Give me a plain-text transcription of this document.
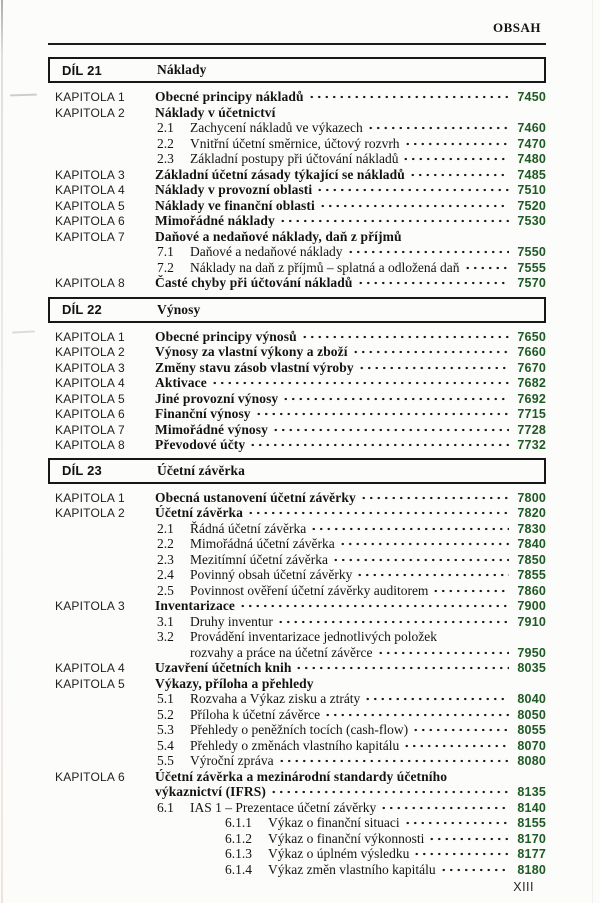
OBSAH
DÍL 21	Náklady
KAPITOLA 1	Obecné principy nákladů	7450
KAPITOLA 2	Náklady v účetnictví
2.1	Zachycení nákladů ve výkazech	7460
2.2	Vnitřní účetní směrnice, účtový rozvrh	7470
2.3	Základní postupy při účtování nákladů	7480
KAPITOLA 3	Základní účetní zásady týkající se nákladů	7485
KAPITOLA 4	Náklady v provozní oblasti	7510
KAPITOLA 5	Náklady ve finanční oblasti	7520
KAPITOLA 6	Mimořádné náklady	7530
KAPITOLA 7	Daňové a nedaňové náklady, daň z příjmů
7.1	Daňové a nedaňové náklady	7550
7.2	Náklady na daň z příjmů – splatná a odložená daň	7555
KAPITOLA 8	Časté chyby při účtování nákladů	7570
DÍL 22	Výnosy
KAPITOLA 1	Obecné principy výnosů	7650
KAPITOLA 2	Výnosy za vlastní výkony a zboží	7660
KAPITOLA 3	Změny stavu zásob vlastní výroby	7670
KAPITOLA 4	Aktivace	7682
KAPITOLA 5	Jiné provozní výnosy	7692
KAPITOLA 6	Finanční výnosy	7715
KAPITOLA 7	Mimořádné výnosy	7728
KAPITOLA 8	Převodové účty	7732
DÍL 23	Účetní závěrka
KAPITOLA 1	Obecná ustanovení účetní závěrky	7800
KAPITOLA 2	Účetní závěrka	7820
2.1	Řádná účetní závěrka	7830
2.2	Mimořádná účetní závěrka	7840
2.3	Mezitímní účetní závěrka	7850
2.4	Povinný obsah účetní závěrky	7855
2.5	Povinnost ověření účetní závěrky auditorem	7860
KAPITOLA 3	Inventarizace	7900
3.1	Druhy inventur	7910
3.2	Provádění inventarizace jednotlivých položek
rozvahy a práce na účetní závěrce	7950
KAPITOLA 4	Uzavření účetních knih	8035
KAPITOLA 5	Výkazy, příloha a přehledy
5.1	Rozvaha a Výkaz zisku a ztráty	8040
5.2	Příloha k účetní závěrce	8050
5.3	Přehledy o peněžních tocích (cash-flow)	8055
5.4	Přehledy o změnách vlastního kapitálu	8070
5.5	Výroční zpráva	8080
KAPITOLA 6	Účetní závěrka a mezinárodní standardy účetního
výkaznictví (IFRS)	8135
6.1	IAS 1 – Prezentace účetní závěrky	8140
6.1.1	Výkaz o finanční situaci	8155
6.1.2	Výkaz o finanční výkonnosti	8170
6.1.3	Výkaz o úplném výsledku	8177
6.1.4	Výkaz změn vlastního kapitálu	8180
XIII
